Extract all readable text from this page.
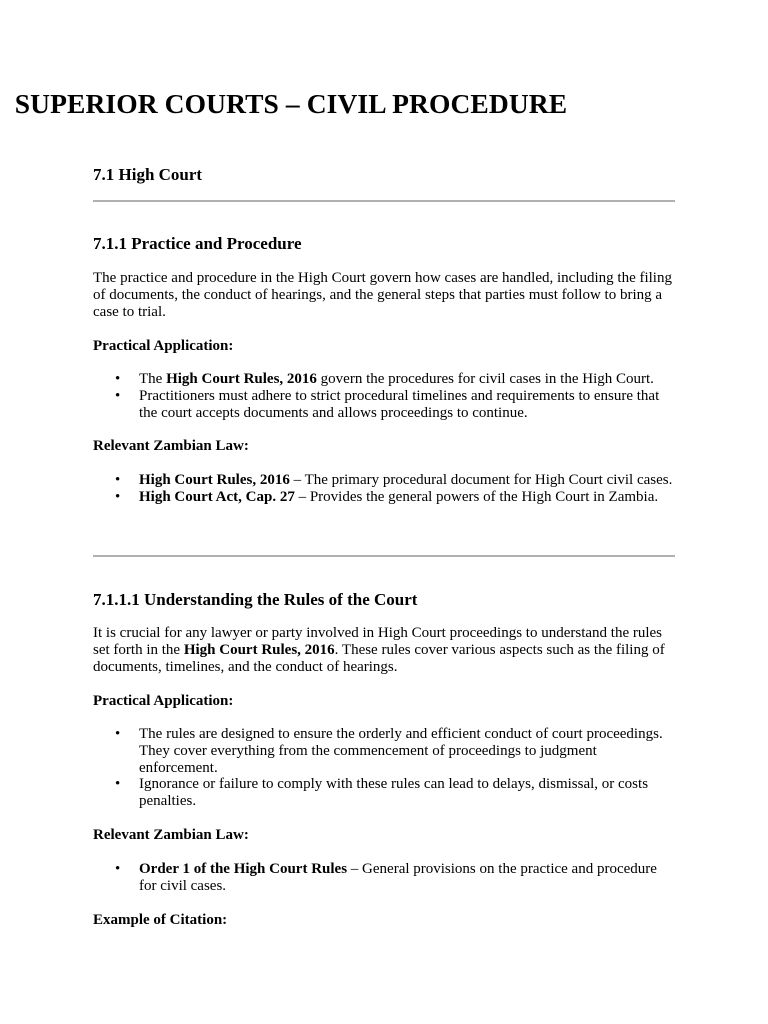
SUPERIOR COURTS – CIVIL PROCEDURE
7.1 High Court
7.1.1 Practice and Procedure

The practice and procedure in the High Court govern how cases are handled, including the filing of documents, the conduct of hearings, and the general steps that parties must follow to bring a case to trial.

Practical Application:
• The High Court Rules, 2016 govern the procedures for civil cases in the High Court.
• Practitioners must adhere to strict procedural timelines and requirements to ensure that the court accepts documents and allows proceedings to continue.
Relevant Zambian Law:
• High Court Rules, 2016 – The primary procedural document for High Court civil cases.
• High Court Act, Cap. 27 – Provides the general powers of the High Court in Zambia.
7.1.1.1 Understanding the Rules of the Court

It is crucial for any lawyer or party involved in High Court proceedings to understand the rules set forth in the High Court Rules, 2016. These rules cover various aspects such as the filing of documents, timelines, and the conduct of hearings.

Practical Application:
• The rules are designed to ensure the orderly and efficient conduct of court proceedings. They cover everything from the commencement of proceedings to judgment enforcement.
• Ignorance or failure to comply with these rules can lead to delays, dismissal, or costs penalties.
Relevant Zambian Law:
• Order 1 of the High Court Rules – General provisions on the practice and procedure for civil cases.
Example of Citation:
